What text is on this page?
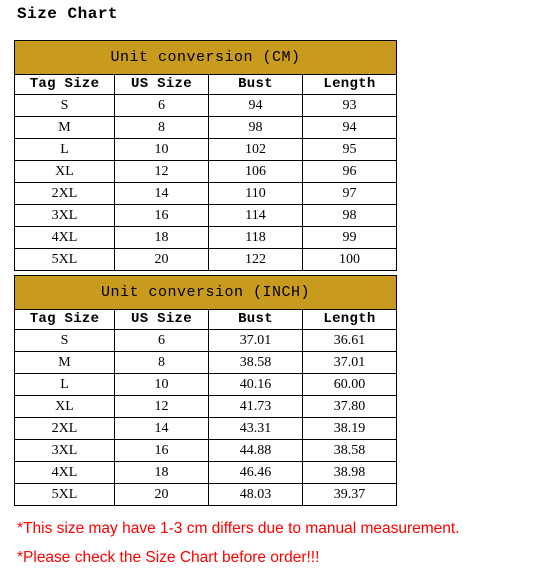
Size Chart
Unit conversion (CM)			
Tag Size	US Size	Bust	Length
S	6	94	93
M	8	98	94
L	10	102	95
XL	12	106	96
2XL	14	110	97
3XL	16	114	98
4XL	18	118	99
5XL	20	122	100
Unit conversion (INCH)			
Tag Size	US Size	Bust	Length
S	6	37.01	36.61
M	8	38.58	37.01
L	10	40.16	60.00
XL	12	41.73	37.80
2XL	14	43.31	38.19
3XL	16	44.88	38.58
4XL	18	46.46	38.98
5XL	20	48.03	39.37
*This size may have 1-3 cm differs due to manual measurement.
*Please check the Size Chart before order!!!
